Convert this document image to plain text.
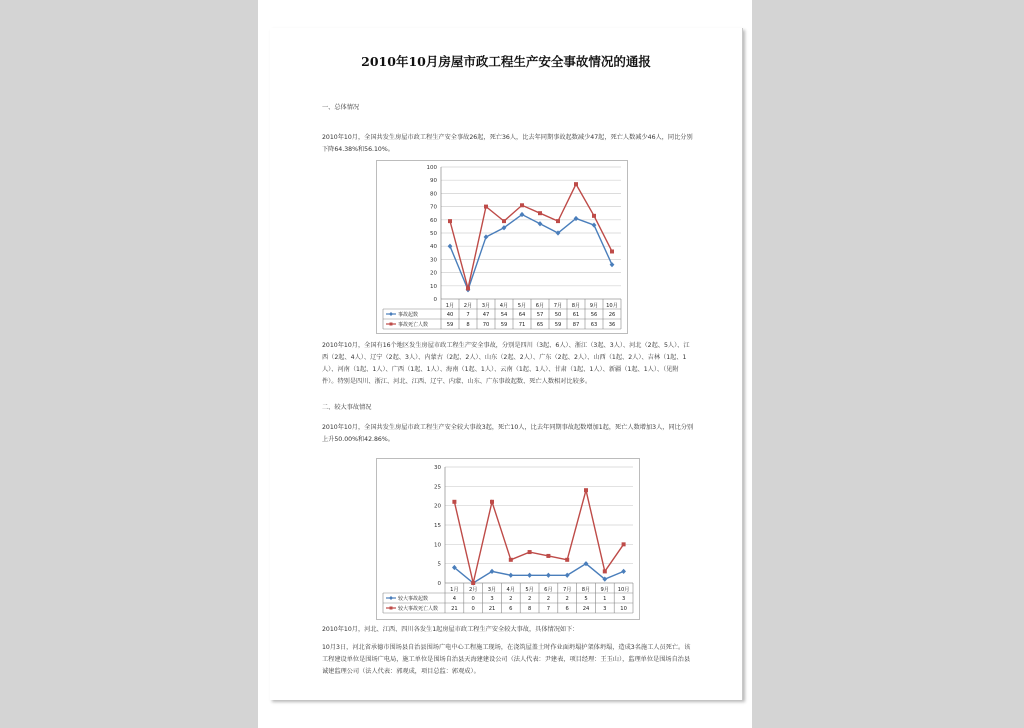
2010年10月房屋市政工程生产安全事故情况的通报

一、总体情况

2010年10月，全国共发生房屋市政工程生产安全事故26起，死亡36人，比去年同期事故起数减少47起，死亡人数减少46人，同比分别下降64.38%和56.10%。

0
10
20
30
40
50
60
70
80
90
100
1月 2月 3月 4月 5月 6月 7月 8月 9月 10月
事故起数	40	7	47 54 64 57 50 61 56 26
事故死亡人数	59	8	70 59 71 65 59 87 63 36

2010年10月，全国有16个地区发生房屋市政工程生产安全事故，分别是四川（3起、6人）、浙江（3起、3人）、河北（2起、5人）、江西（2起、4人）、辽宁（2起、3人）、内蒙古（2起、2人）、山东（2起、2人）、广东（2起、2人）、山西（1起、2人）、吉林（1起、1人）、河南（1起、1人）、广西（1起、1人）、海南（1起、1人）、云南（1起、1人）、甘肃（1起、1人）、新疆（1起、1人）、（见附件）。特别是四川、浙江、河北、江西、辽宁、内蒙、山东、广东事故起数、死亡人数相对比较多。

二、较大事故情况

2010年10月，全国共发生房屋市政工程生产安全较大事故3起，死亡10人，比去年同期事故起数增加1起，死亡人数增加3人，同比分别上升50.00%和42.86%。

0
5
10
15
20
25
30
1月 2月 3月 4月 5月 6月 7月 8月 9月 10月
较大事故起数	4	0	3	2	2	2	2	5	1	3
较大事故死亡人数	21	0	21	6	8	7	6	24	3	10

2010年10月，河北、江西、四川各发生1起房屋市政工程生产安全较大事故，具体情况如下：

10月3日，河北省承德市围场县自治县围场广电中心工程施工现场，在浇筑屋盖土时作业面坍塌护架体坍塌，造成3名施工人员死亡。该工程建设单位是围场广电局，施工单位是围场自治县天海建建设公司（法人代表：尹建表，项目经理：王玉山），监理单位是围场自治县诚建监理公司（法人代表：郭观成，项目总监：郭观成）。
